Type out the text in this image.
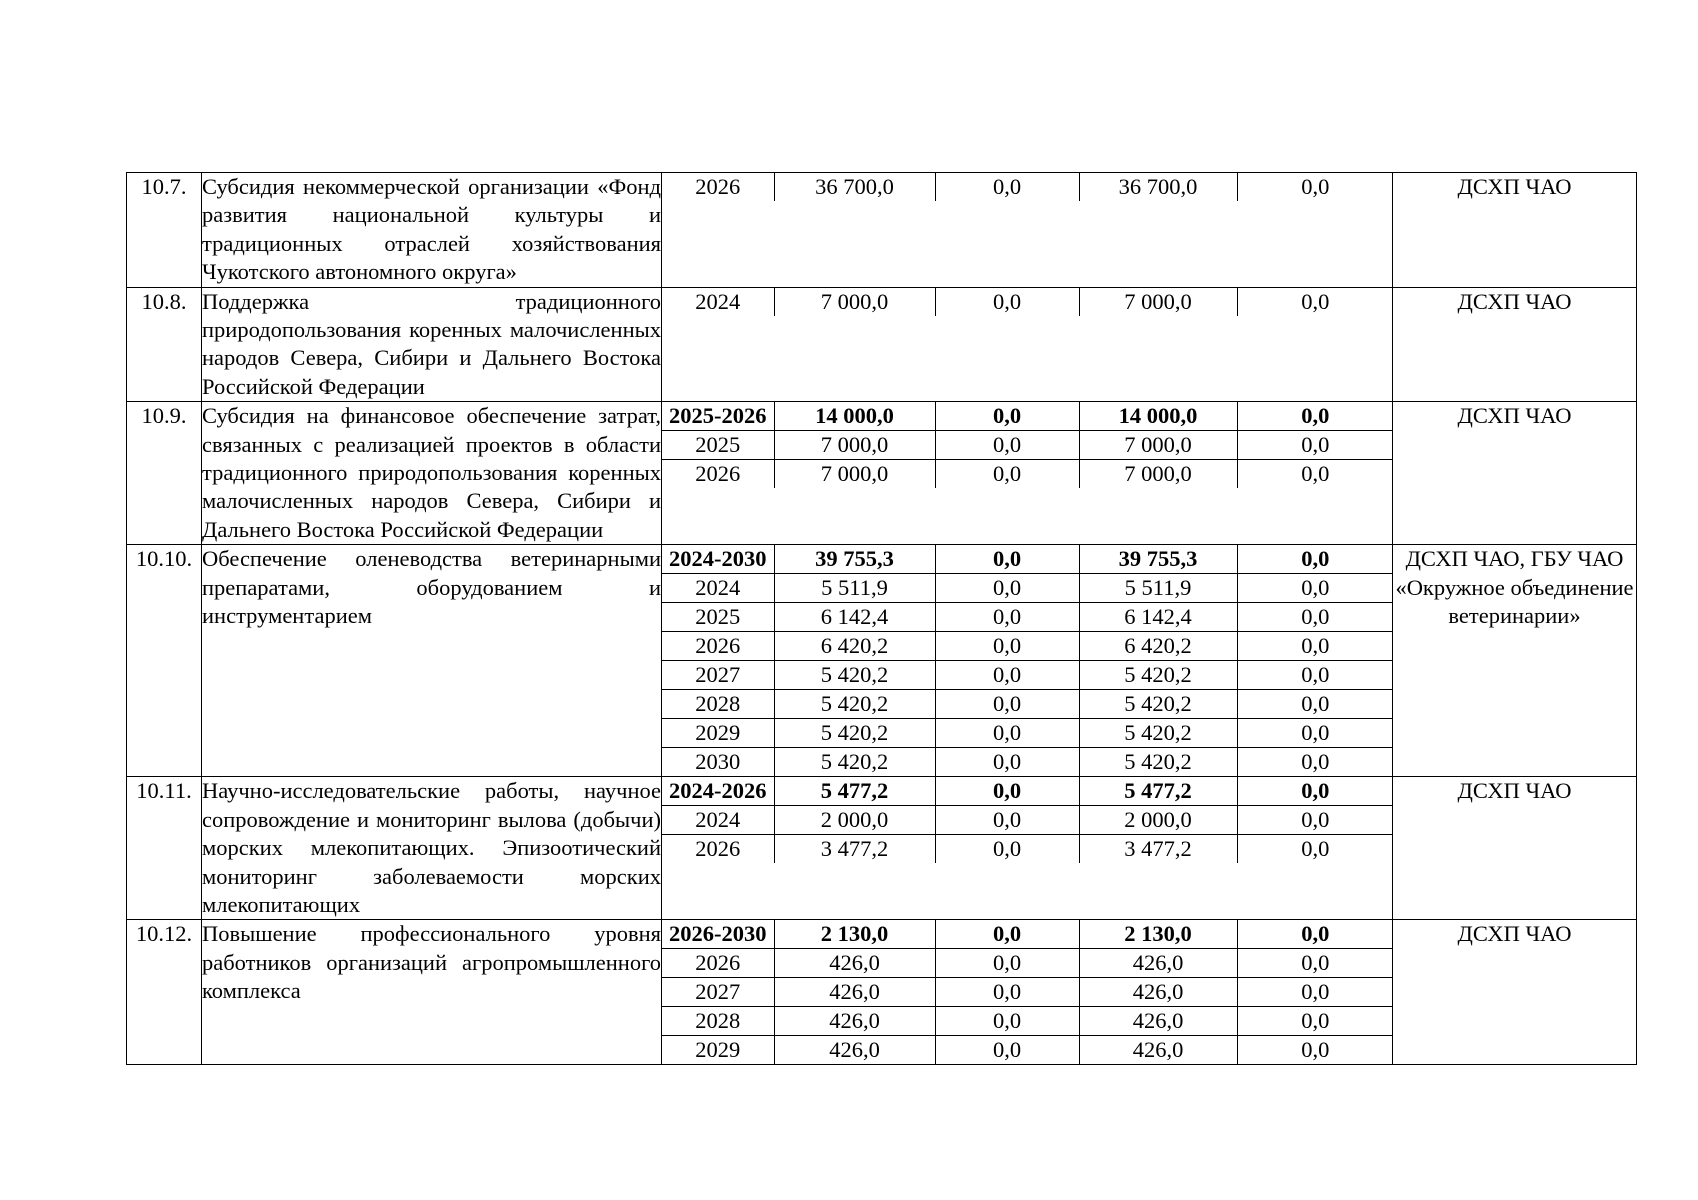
10.7.	Субсидия некоммерческой организации «Фонд развития национальной культуры и традиционных отраслей хозяйствования Чукотского автономного округа»	
2026	36 700,0	0,0	36 700,0	0,0
		ДСХП ЧАО
10.8.	Поддержка традиционного природопользования коренных малочисленных народов Севера, Сибири и Дальнего Востока Российской Федерации	
2024	7 000,0	0,0	7 000,0	0,0
		ДСХП ЧАО
10.9.	Субсидия на финансовое обеспечение затрат, связанных с реализацией проектов в области традиционного природопользования коренных малочисленных народов Севера, Сибири и Дальнего Востока Российской Федерации	
2025-2026	14 000,0	0,0	14 000,0	0,0
2025	7 000,0	0,0	7 000,0	0,0
2026	7 000,0	0,0	7 000,0	0,0
	ДСХП ЧАО
10.10.	Обеспечение оленеводства ветеринарными препаратами, оборудованием и инструментарием	
2024-2030	39 755,3	0,0	39 755,3	0,0
2024	5 511,9	0,0	5 511,9	0,0
2025	6 142,4	0,0	6 142,4	0,0
2026	6 420,2	0,0	6 420,2	0,0
2027	5 420,2	0,0	5 420,2	0,0
2028	5 420,2	0,0	5 420,2	0,0
2029	5 420,2	0,0	5 420,2	0,0
2030	5 420,2	0,0	5 420,2	0,0
	ДСХП ЧАО, ГБУ ЧАО «Окружное объединение ветеринарии»
10.11.	Научно-исследовательские работы, научное сопровождение и мониторинг вылова (добычи) морских млекопитающих. Эпизоотический мониторинг заболеваемости морских млекопитающих	
2024-2026	5 477,2	0,0	5 477,2	0,0
2024	2 000,0	0,0	2 000,0	0,0
2026	3 477,2	0,0	3 477,2	0,0
	ДСХП ЧАО
10.12.	Повышение профессионального уровня работников организаций агропромышленного комплекса	
2026-2030	2 130,0	0,0	2 130,0	0,0
2026	426,0	0,0	426,0	0,0
2027	426,0	0,0	426,0	0,0
2028	426,0	0,0	426,0	0,0
2029	426,0	0,0	426,0	0,0
	ДСХП ЧАО
